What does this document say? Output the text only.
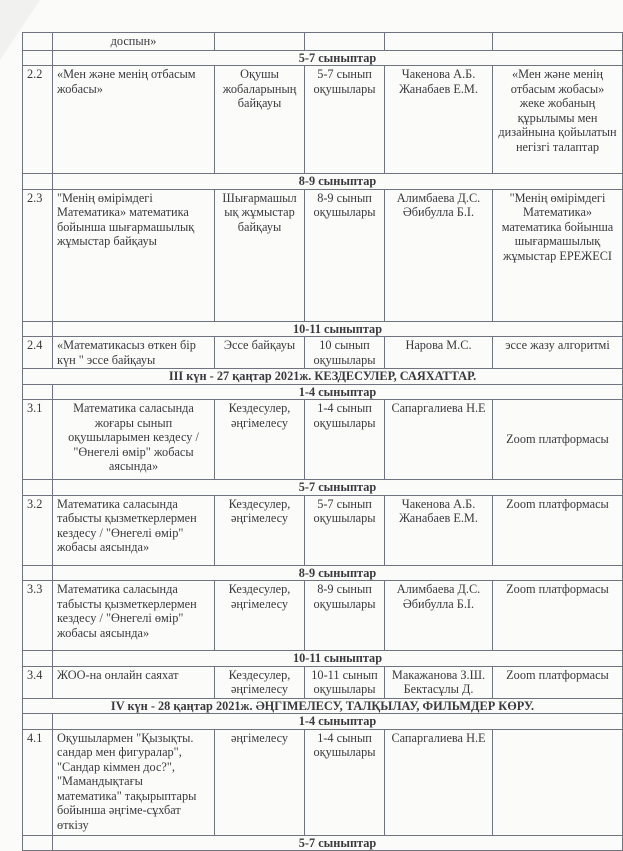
	доспын»				
	5-7 сыныптар				
2.2	«Мен және менің отбасым жобасы»	Оқушы жобаларының байқауы	5-7 сынып оқушылары	Чакенова А.Б. Жанабаев Е.М.	«Мен және менің отбасым жобасы» жеке жобаның құрылымы мен дизайнына қойылатын негізгі талаптар
	8-9 сыныптар				
2.3	"Менің өмірімдегі Математика» математика бойынша шығармашылық жұмыстар байқауы	Шығармашыл ық жұмыстар байқауы	8-9 сынып оқушылары	Алимбаева Д.С. Әбибулла Б.І.	"Менің өмірімдегі Математика» математика бойынша шығармашылық жұмыстар ЕРЕЖЕСІ
	10-11 сыныптар				
2.4	«Математикасыз өткен бір күн " эссе байқауы	Эссе байқауы	10 сынып оқушылары	Нарова М.С.	эссе жазу алгоритмі
ІІІ күн - 27 қаңтар 2021ж. КЕЗДЕСУЛЕР, САЯХАТТАР.					
	1-4 сыныптар				
3.1	Математика саласында жоғары сынып оқушыларымен кездесу / "Өнегелі өмір" жобасы аясында»	Кездесулер, әңгімелесу	1-4 сынып оқушылары	Сапаргалиева Н.Е	Zoom платформасы
	5-7 сыныптар				
3.2	Математика саласында табысты қызметкерлермен кездесу / "Өнегелі өмір" жобасы аясында»	Кездесулер, әңгімелесу	5-7 сынып оқушылары	Чакенова А.Б. Жанабаев Е.М.	Zoom платформасы
	8-9 сыныптар				
3.3	Математика саласында табысты қызметкерлермен кездесу / "Өнегелі өмір" жобасы аясында»	Кездесулер, әңгімелесу	8-9 сынып оқушылары	Алимбаева Д.С. Әбибулла Б.І.	Zoom платформасы
	10-11 сыныптар				
3.4	ЖОО-на онлайн саяхат	Кездесулер, әңгімелесу	10-11 сынып оқушылары	Макажанова З.Ш. Бектасұлы Д.	Zoom платформасы
ІV күн - 28 қаңтар 2021ж. ӘҢГІМЕЛЕСУ, ТАЛҚЫЛАУ, ФИЛЬМДЕР КӨРУ.					
	1-4 сыныптар				
4.1	Оқушылармен "Қызықты. сандар мен фигуралар", "Сандар кіммен дос?", "Мамандықтағы математика" тақырыптары бойынша әңгіме-сұхбат өткізу	әңгімелесу	1-4 сынып оқушылары	Сапаргалиева Н.Е	
	5-7 сыныптар				
